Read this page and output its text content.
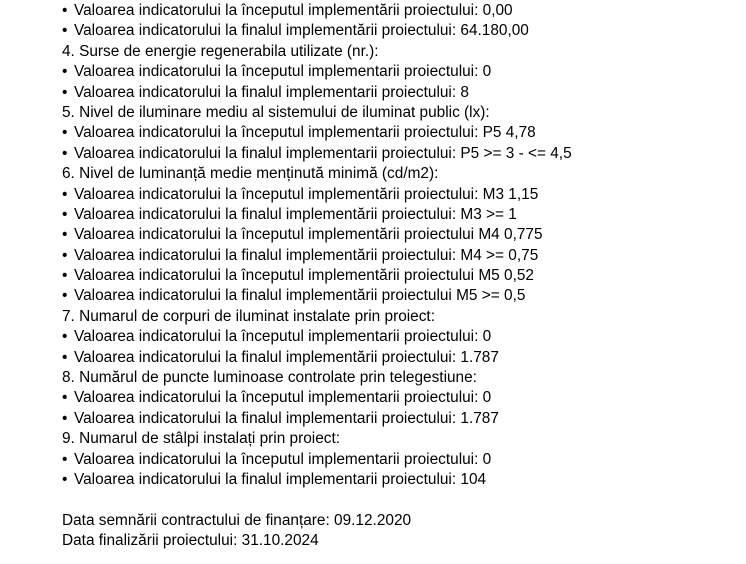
• Valoarea indicatorului la începutul implementării proiectului: 0,00
• Valoarea indicatorului la finalul implementării proiectului: 64.180,00
4. Surse de energie regenerabila utilizate (nr.):
• Valoarea indicatorului la începutul implementarii proiectului: 0
• Valoarea indicatorului la finalul implementarii proiectului: 8
5. Nivel de iluminare mediu al sistemului de iluminat public (lx):
• Valoarea indicatorului la începutul implementarii proiectului: P5 4,78
• Valoarea indicatorului la finalul implementarii proiectului: P5 >= 3 - <= 4,5
6. Nivel de luminanță medie menținută minimă (cd/m2):
• Valoarea indicatorului la începutul implementării proiectului: M3 1,15
• Valoarea indicatorului la finalul implementării proiectului: M3 >= 1
• Valoarea indicatorului la începutul implementării proiectului M4 0,775
• Valoarea indicatorului la finalul implementării proiectului: M4 >= 0,75
• Valoarea indicatorului la începutul implementării proiectului M5 0,52
• Valoarea indicatorului la finalul implementării proiectului M5 >= 0,5
7. Numarul de corpuri de iluminat instalate prin proiect:
• Valoarea indicatorului la începutul implementarii proiectului: 0
• Valoarea indicatorului la finalul implementării proiectului: 1.787
8. Numărul de puncte luminoase controlate prin telegestiune:
• Valoarea indicatorului la începutul implementarii proiectului: 0
• Valoarea indicatorului la finalul implementarii proiectului: 1.787
9. Numarul de stâlpi instalați prin proiect:
• Valoarea indicatorului la începutul implementarii proiectului: 0
• Valoarea indicatorului la finalul implementarii proiectului: 104
Data semnării contractului de finanțare: 09.12.2020
Data finalizării proiectului: 31.10.2024
